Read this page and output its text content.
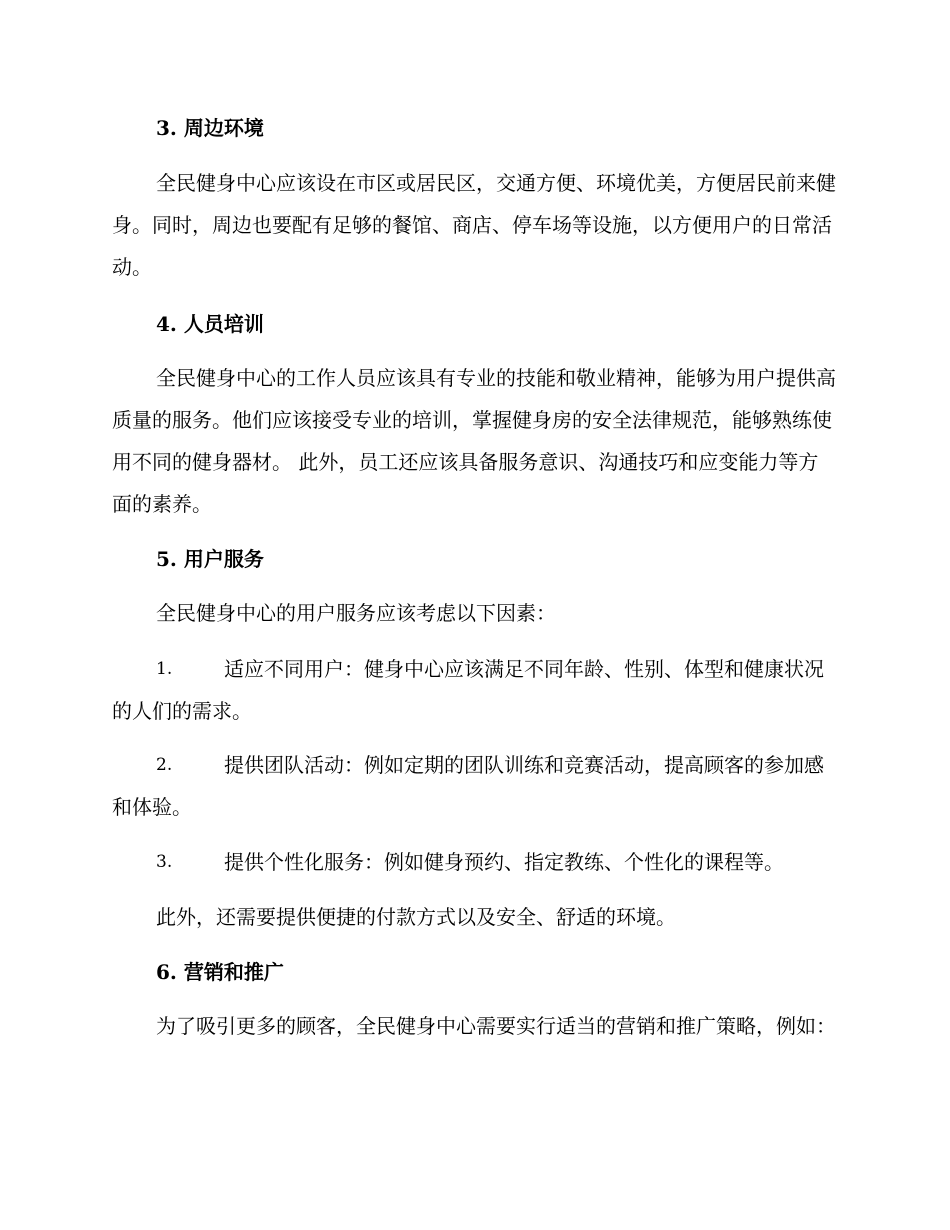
3. 周边环境
全民健身中心应该设在市区或居民区，交通方便、环境优美，方便居民前来健身。同时，周边也要配有足够的餐馆、商店、停车场等设施，以方便用户的日常活动。
4. 人员培训
全民健身中心的工作人员应该具有专业的技能和敬业精神，能够为用户提供高质量的服务。他们应该接受专业的培训，掌握健身房的安全法律规范，能够熟练使用不同的健身器材。 此外，员工还应该具备服务意识、沟通技巧和应变能力等方面的素养。
5. 用户服务
全民健身中心的用户服务应该考虑以下因素：
1.	适应不同用户：健身中心应该满足不同年龄、性别、体型和健康状况的人们的需求。
2.	提供团队活动：例如定期的团队训练和竞赛活动，提高顾客的参加感和体验。
3.	提供个性化服务：例如健身预约、指定教练、个性化的课程等。
此外，还需要提供便捷的付款方式以及安全、舒适的环境。
6. 营销和推广
为了吸引更多的顾客，全民健身中心需要实行适当的营销和推广策略，例如：
